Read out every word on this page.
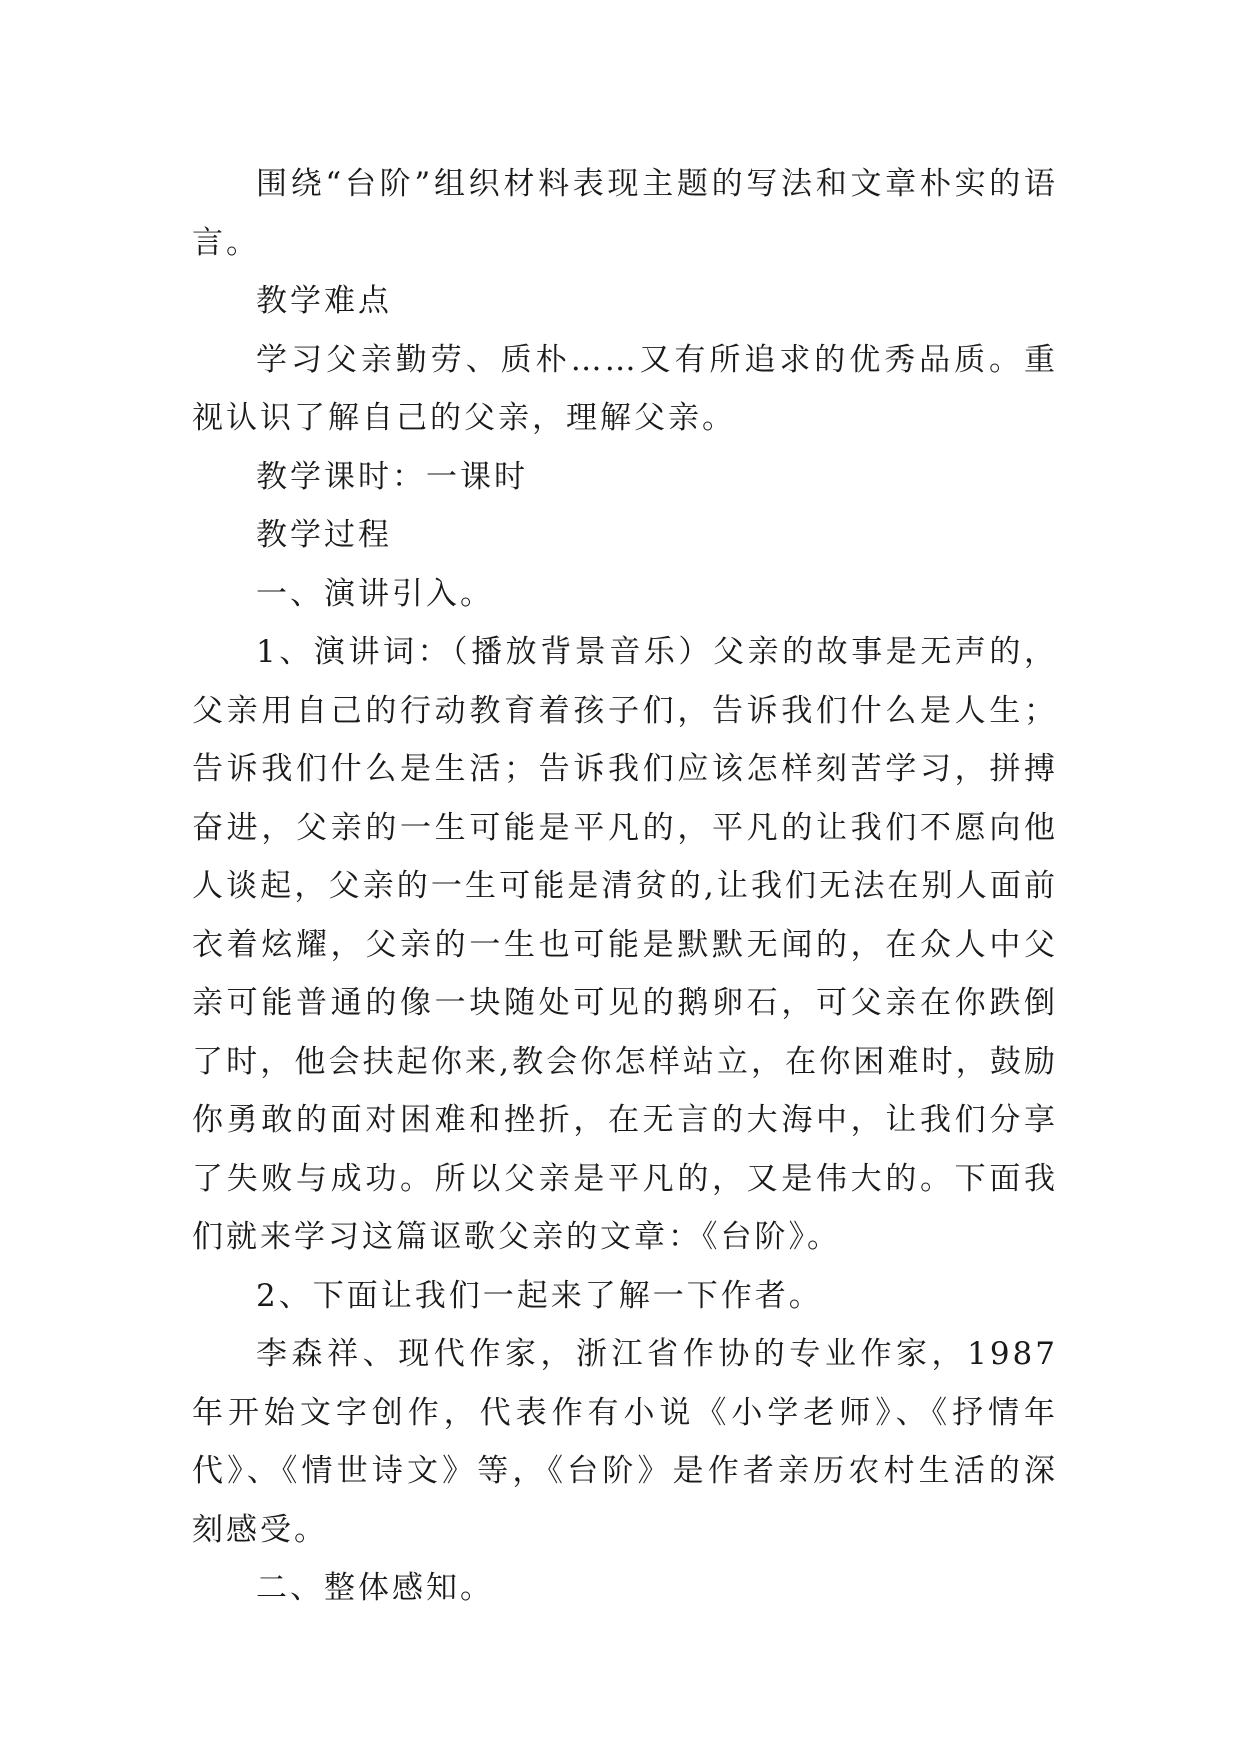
围绕“台阶”组织材料表现主题的写法和文章朴实的语言。

教学难点

学习父亲勤劳、质朴……又有所追求的优秀品质。重视认识了解自己的父亲，理解父亲。

教学课时：一课时

教学过程

一、演讲引入。

1、演讲词：（播放背景音乐）父亲的故事是无声的，父亲用自己的行动教育着孩子们，告诉我们什么是人生；告诉我们什么是生活；告诉我们应该怎样刻苦学习，拼搏奋进，父亲的一生可能是平凡的，平凡的让我们不愿向他人谈起，父亲的一生可能是清贫的,让我们无法在别人面前衣着炫耀，父亲的一生也可能是默默无闻的，在众人中父亲可能普通的像一块随处可见的鹅卵石，可父亲在你跌倒了时，他会扶起你来,教会你怎样站立，在你困难时，鼓励你勇敢的面对困难和挫折，在无言的大海中，让我们分享了失败与成功。所以父亲是平凡的，又是伟大的。下面我们就来学习这篇讴歌父亲的文章：《台阶》。

2、下面让我们一起来了解一下作者。

李森祥、现代作家，浙江省作协的专业作家，1987 年开始文字创作，代表作有小说《小学老师》、《抒情年代》、《情世诗文》等，《台阶》是作者亲历农村生活的深刻感受。

二、整体感知。
